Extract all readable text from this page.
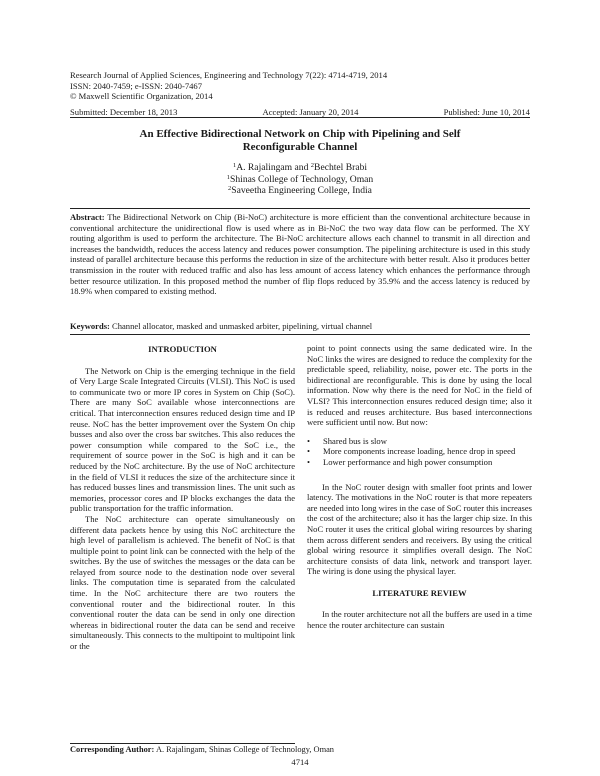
Research Journal of Applied Sciences, Engineering and Technology 7(22): 4714-4719, 2014
ISSN: 2040-7459; e-ISSN: 2040-7467
© Maxwell Scientific Organization, 2014
Submitted: December 18, 2013	Accepted: January 20, 2014	Published: June 10, 2014
An Effective Bidirectional Network on Chip with Pipelining and Self
Reconfigurable Channel
$^1$A. Rajalingam and $^2$Bechtel Brabi
$^1$Shinas College of Technology, Oman
$^2$Saveetha Engineering College, India
Abstract: The Bidirectional Network on Chip (Bi-NoC) architecture is more efficient than the conventional architecture because in conventional architecture the unidirectional flow is used where as in Bi-NoC the two way data flow can be performed. The XY routing algorithm is used to perform the architecture. The Bi-NoC architecture allows each channel to transmit in all direction and increases the bandwidth, reduces the access latency and reduces power consumption. The pipelining architecture is used in this study instead of parallel architecture because this performs the reduction in size of the architecture with better result. Also it produces better transmission in the router with reduced traffic and also has less amount of access latency which enhances the performance through better resource utilization. In this proposed method the number of flip flops reduced by 35.9% and the access latency is reduced by 18.9% when compared to existing method.
Keywords: Channel allocator, masked and unmasked arbiter, pipelining, virtual channel
INTRODUCTION

The Network on Chip is the emerging technique in the field of Very Large Scale Integrated Circuits (VLSI). This NoC is used to communicate two or more IP cores in System on Chip (SoC). There are many SoC available whose interconnections are critical. That interconnection ensures reduced design time and IP reuse. NoC has the better improvement over the System On chip busses and also over the cross bar switches. This also reduces the power consumption while compared to the SoC i.e., the requirement of source power in the SoC is high and it can be reduced by the NoC architecture. By the use of NoC architecture in the field of VLSI it reduces the size of the architecture since it has reduced busses lines and transmission lines. The unit such as memories, processor cores and IP blocks exchanges the data the public transportation for the traffic information.

The NoC architecture can operate simultaneously on different data packets hence by using this NoC architecture the high level of parallelism is achieved. The benefit of NoC is that multiple point to point link can be connected with the help of the switches. By the use of switches the messages or the data can be relayed from source node to the destination node over several links. The computation time is separated from the calculated time. In the NoC architecture there are two routers the conventional router and the bidirectional router. In this conventional router the data can be send in only one direction whereas in bidirectional router the data can be send and receive simultaneously. This connects to the multipoint to multipoint link or the

point to point connects using the same dedicated wire. In the NoC links the wires are designed to reduce the complexity for the predictable speed, reliability, noise, power etc. The ports in the bidirectional are reconfigurable. This is done by using the local information. Now why there is the need for NoC in the field of VLSI? This interconnection ensures reduced design time; also it is reduced and reuses architecture. Bus based interconnections were sufficient until now. But now:

• Shared bus is slow
• More components increase loading, hence drop in speed
• Lower performance and high power consumption

In the NoC router design with smaller foot prints and lower latency. The motivations in the NoC router is that more repeaters are needed into long wires in the case of SoC router this increases the cost of the architecture; also it has the larger chip size. In this NoC router it uses the critical global wiring resources by sharing them across different senders and receivers. By using the critical global wiring resource it simplifies overall design. The NoC architecture consists of data link, network and transport layer. The wiring is done using the physical layer.

LITERATURE REVIEW

In the router architecture not all the buffers are used in a time hence the router architecture can sustain

Corresponding Author: A. Rajalingam, Shinas College of Technology, Oman
4714
